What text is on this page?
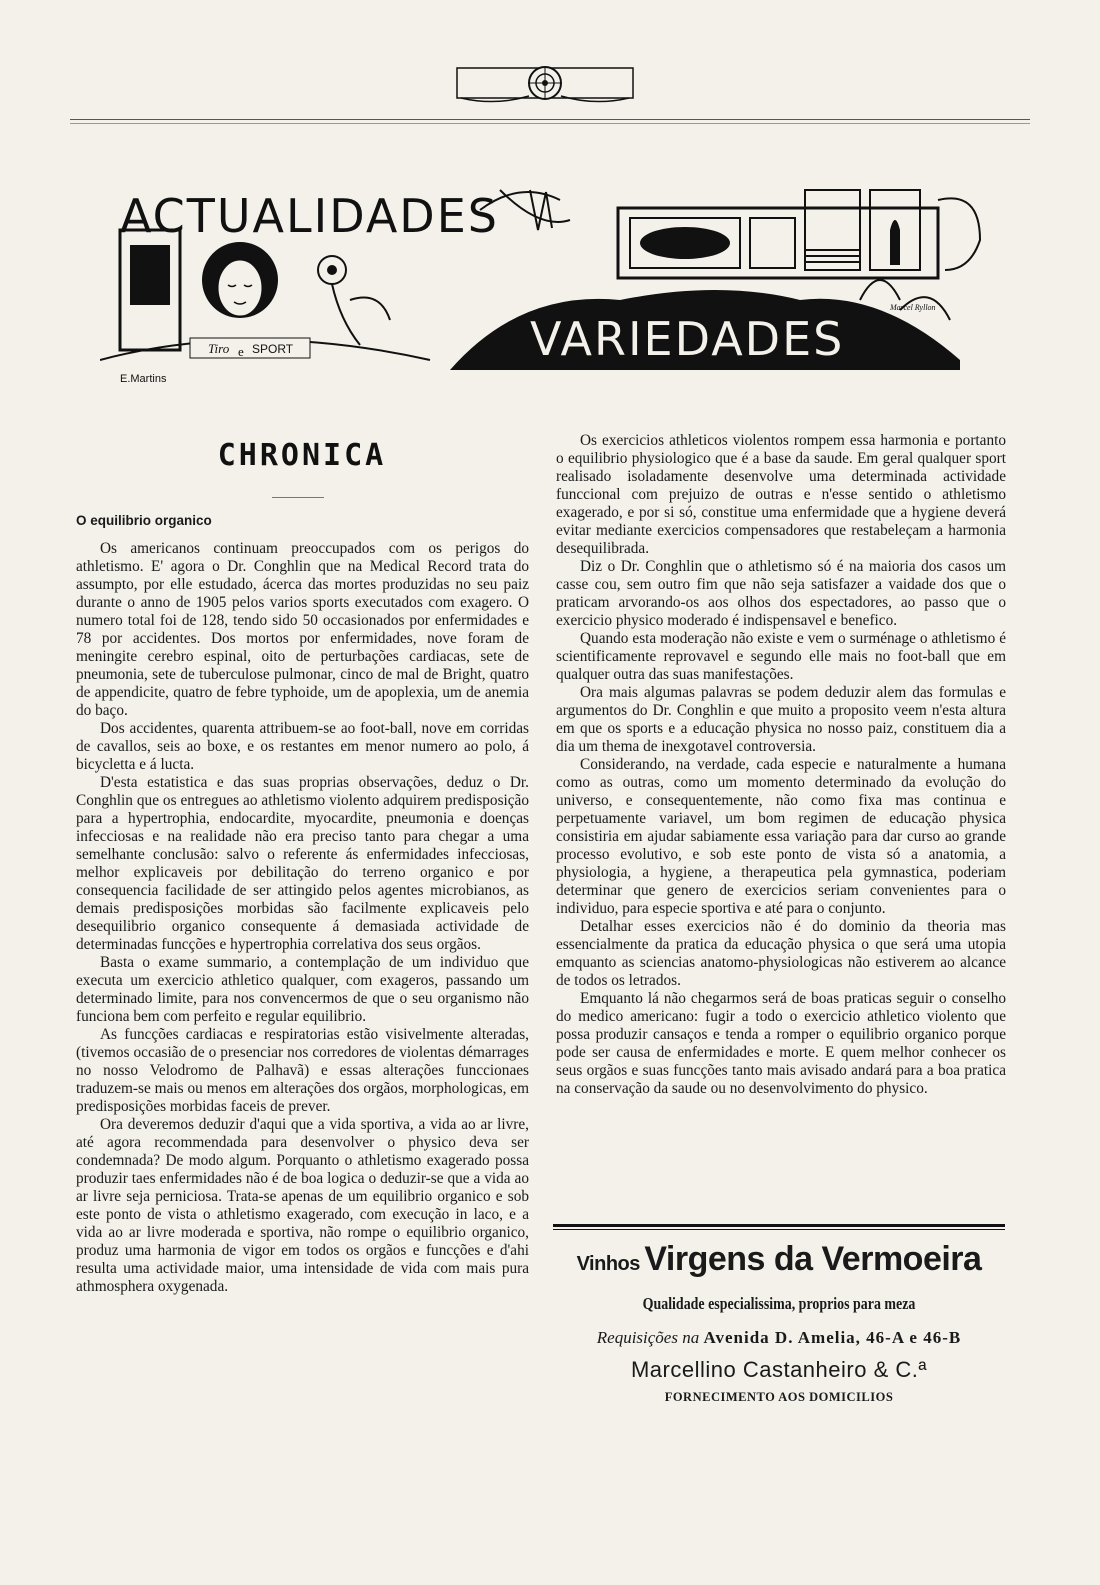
ACTUALIDADES
VARIEDADES
Tiro e SPORT
E.Martins
Marcel Ryllon
CHRONICA
O equilibrio organico

Os americanos continuam preoccupados com os perigos do athletismo. E' agora o Dr. Conghlin que na Medical Record trata do assumpto, por elle estudado, ácerca das mortes produzidas no seu paiz durante o anno de 1905 pelos varios sports executados com exagero. O numero total foi de 128, tendo sido 50 occasionados por enfermidades e 78 por accidentes. Dos mortos por enfermidades, nove foram de meningite cerebro espinal, oito de perturbações cardiacas, sete de pneumonia, sete de tuberculose pulmonar, cinco de mal de Bright, quatro de appendicite, quatro de febre typhoide, um de apoplexia, um de anemia do baço.

Dos accidentes, quarenta attribuem-se ao foot-ball, nove em corridas de cavallos, seis ao boxe, e os restantes em menor numero ao polo, á bicycletta e á lucta.

D'esta estatistica e das suas proprias observações, deduz o Dr. Conghlin que os entregues ao athletismo violento adquirem predisposição para a hypertrophia, endocardite, myocardite, pneumonia e doenças infecciosas e na realidade não era preciso tanto para chegar a uma semelhante conclusão: salvo o referente ás enfermidades infecciosas, melhor explicaveis por debilitação do terreno organico e por consequencia facilidade de ser attingido pelos agentes microbianos, as demais predisposições morbidas são facilmente explicaveis pelo desequilibrio organico consequente á demasiada actividade de determinadas funcções e hypertrophia correlativa dos seus orgãos.

Basta o exame summario, a contemplação de um individuo que executa um exercicio athletico qualquer, com exageros, passando um determinado limite, para nos convencermos de que o seu organismo não funciona bem com perfeito e regular equilibrio.

As funcções cardiacas e respiratorias estão visivelmente alteradas, (tivemos occasião de o presenciar nos corredores de violentas démarrages no nosso Velodromo de Palhavã) e essas alterações funccionaes traduzem-se mais ou menos em alterações dos orgãos, morphologicas, em predisposições morbidas faceis de prever.

Ora deveremos deduzir d'aqui que a vida sportiva, a vida ao ar livre, até agora recommendada para desenvolver o physico deva ser condemnada? De modo algum. Porquanto o athletismo exagerado possa produzir taes enfermidades não é de boa logica o deduzir-se que a vida ao ar livre seja perniciosa. Trata-se apenas de um equilibrio organico e sob este ponto de vista o athletismo exagerado, com execução in laco, e a vida ao ar livre moderada e sportiva, não rompe o equilibrio organico, produz uma harmonia de vigor em todos os orgãos e funcções e d'ahi resulta uma actividade maior, uma intensidade de vida com mais pura athmosphera oxygenada.

Os exercicios athleticos violentos rompem essa harmonia e portanto o equilibrio physiologico que é a base da saude. Em geral qualquer sport realisado isoladamente desenvolve uma determinada actividade funccional com prejuizo de outras e n'esse sentido o athletismo exagerado, e por si só, constitue uma enfermidade que a hygiene deverá evitar mediante exercicios compensadores que restabeleçam a harmonia desequilibrada.

Diz o Dr. Conghlin que o athletismo só é na maioria dos casos um casse cou, sem outro fim que não seja satisfazer a vaidade dos que o praticam arvorando-os aos olhos dos espectadores, ao passo que o exercicio physico moderado é indispensavel e benefico.

Quando esta moderação não existe e vem o surménage o athletismo é scientificamente reprovavel e segundo elle mais no foot-ball que em qualquer outra das suas manifestações.

Ora mais algumas palavras se podem deduzir alem das formulas e argumentos do Dr. Conghlin e que muito a proposito veem n'esta altura em que os sports e a educação physica no nosso paiz, constituem dia a dia um thema de inexgotavel controversia.

Considerando, na verdade, cada especie e naturalmente a humana como as outras, como um momento determinado da evolução do universo, e consequentemente, não como fixa mas continua e perpetuamente variavel, um bom regimen de educação physica consistiria em ajudar sabiamente essa variação para dar curso ao grande processo evolutivo, e sob este ponto de vista só a anatomia, a physiologia, a hygiene, a therapeutica pela gymnastica, poderiam determinar que genero de exercicios seriam convenientes para o individuo, para especie sportiva e até para o conjunto.

Detalhar esses exercicios não é do dominio da theoria mas essencialmente da pratica da educação physica o que será uma utopia emquanto as sciencias anatomo-physiologicas não estiverem ao alcance de todos os letrados.

Emquanto lá não chegarmos será de boas praticas seguir o conselho do medico americano: fugir a todo o exercicio athletico violento que possa produzir cansaços e tenda a romper o equilibrio organico porque pode ser causa de enfermidades e morte. E quem melhor conhecer os seus orgãos e suas funcções tanto mais avisado andará para a boa pratica na conservação da saude ou no desenvolvimento do physico.

Vinhos Virgens da Vermoeira
Qualidade especialissima, proprios para meza
Requisições na Avenida D. Amelia, 46-A e 46-B
Marcellino Castanheiro & C.ª
FORNECIMENTO AOS DOMICILIOS
